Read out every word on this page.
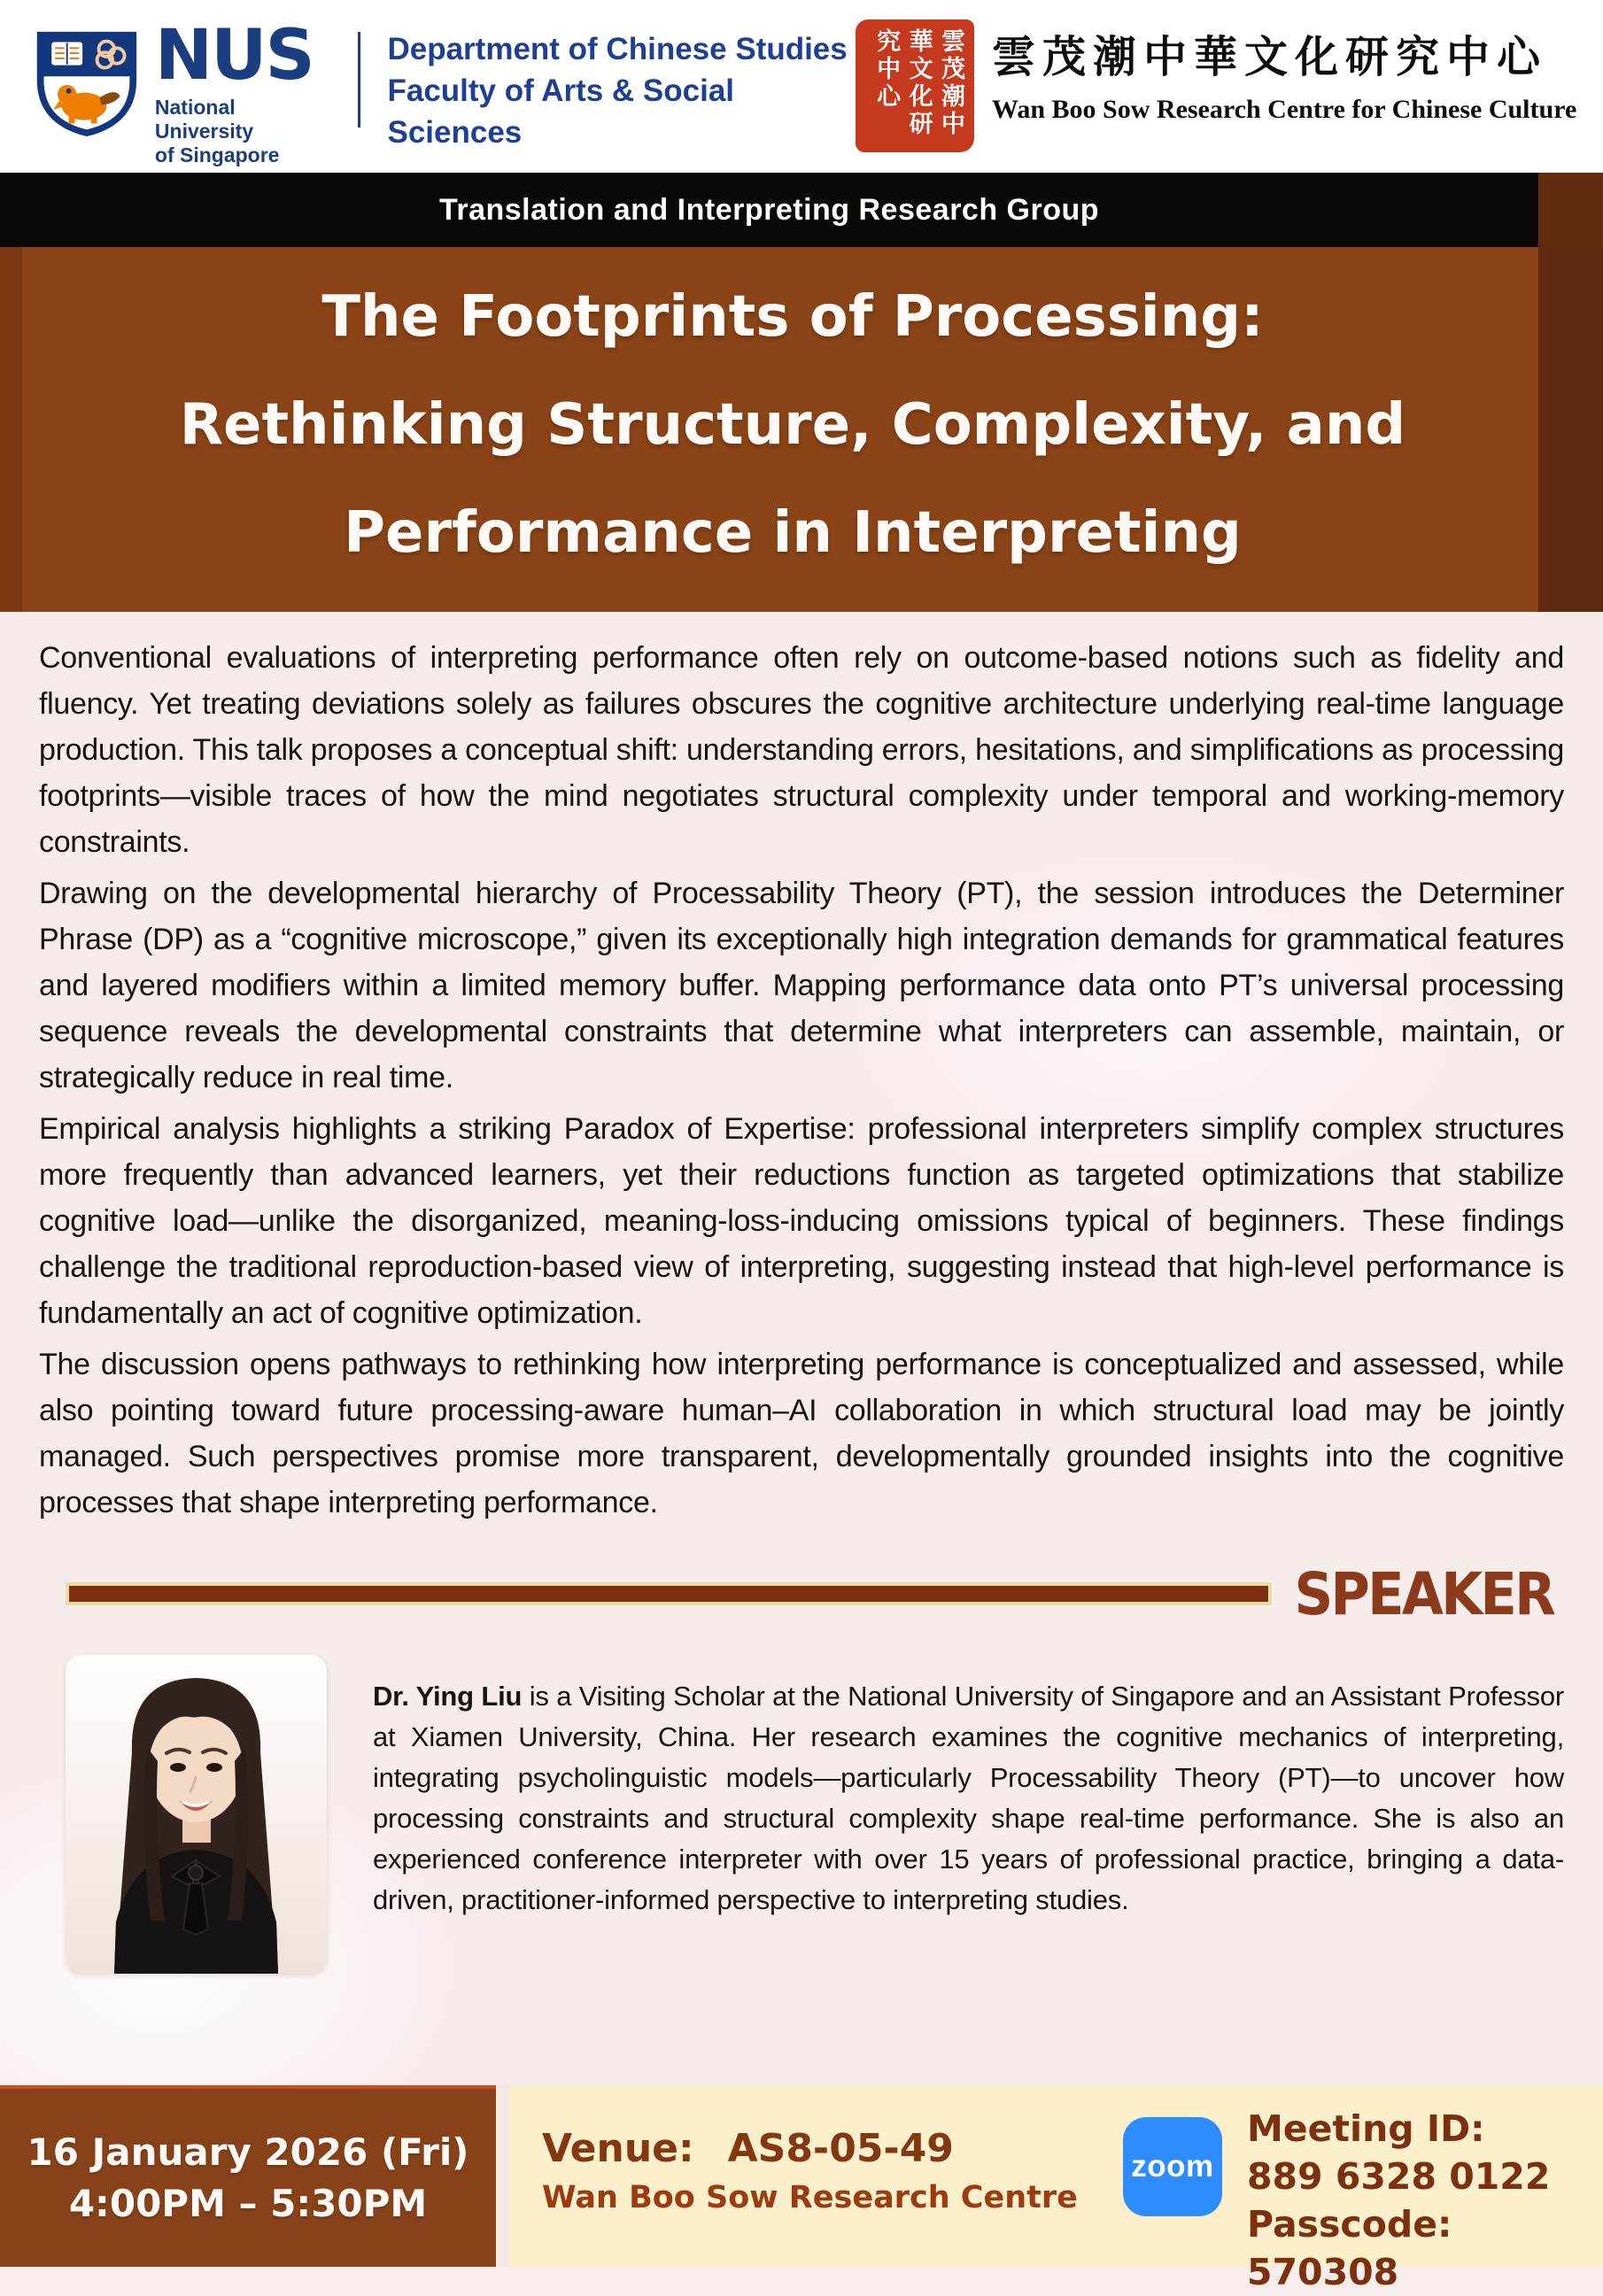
NUS
National University
of Singapore
Department of Chinese Studies
Faculty of Arts & Social Sciences	雲茂潮中華文化研究中心	雲茂潮中華文化研究中心
Wan Boo Sow Research Centre for Chinese Culture
Translation and Interpreting Research Group
The Footprints of Processing:
Rethinking Structure, Complexity, and
Performance in Interpreting

Conventional evaluations of interpreting performance often rely on outcome-based notions such as fidelity and fluency. Yet treating deviations solely as failures obscures the cognitive architecture underlying real-time language production. This talk proposes a conceptual shift: understanding errors, hesitations, and simplifications as processing footprints—visible traces of how the mind negotiates structural complexity under temporal and working-memory constraints.

Drawing on the developmental hierarchy of Processability Theory (PT), the session introduces the Determiner Phrase (DP) as a “cognitive microscope,” given its exceptionally high integration demands for grammatical features and layered modifiers within a limited memory buffer. Mapping performance data onto PT’s universal processing sequence reveals the developmental constraints that determine what interpreters can assemble, maintain, or strategically reduce in real time.

Empirical analysis highlights a striking Paradox of Expertise: professional interpreters simplify complex structures more frequently than advanced learners, yet their reductions function as targeted optimizations that stabilize cognitive load—unlike the disorganized, meaning-loss-inducing omissions typical of beginners. These findings challenge the traditional reproduction-based view of interpreting, suggesting instead that high-level performance is fundamentally an act of cognitive optimization.

The discussion opens pathways to rethinking how interpreting performance is conceptualized and assessed, while also pointing toward future processing-aware human–AI collaboration in which structural load may be jointly managed. Such perspectives promise more transparent, developmentally grounded insights into the cognitive processes that shape interpreting performance.

SPEAKER
Dr. Ying Liu is a Visiting Scholar at the National University of Singapore and an Assistant Professor at Xiamen University, China. Her research examines the cognitive mechanics of interpreting, integrating psycholinguistic models—particularly Processability Theory (PT)—to uncover how processing constraints and structural complexity shape real-time performance. She is also an experienced conference interpreter with over 15 years of professional practice, bringing a data-driven, practitioner-informed perspective to interpreting studies.
16 January 2026 (Fri)
4:00PM – 5:30PM
Venue: AS8-05-49
Wan Boo Sow Research Centre
zoom
Meeting ID:
889 6328 0122
Passcode: 570308
